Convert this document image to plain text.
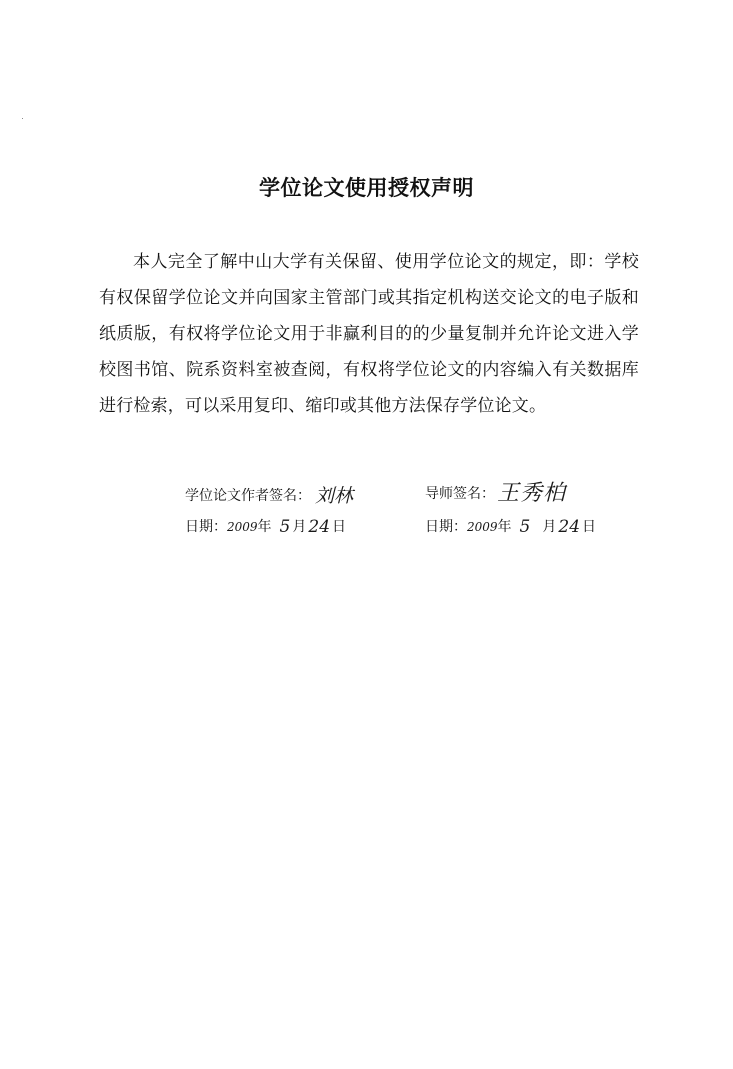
学位论文使用授权声明
本人完全了解中山大学有关保留、使用学位论文的规定，即：学校有权保留学位论文并向国家主管部门或其指定机构送交论文的电子版和纸质版，有权将学位论文用于非赢利目的的少量复制并允许论文进入学校图书馆、院系资料室被查阅，有权将学位论文的内容编入有关数据库进行检索，可以采用复印、缩印或其他方法保存学位论文。
学位论文作者签名： 刘林
日期：2009年 5 月 24 日
导师签名：王秀柏
日期：2009年 5 月 24 日
